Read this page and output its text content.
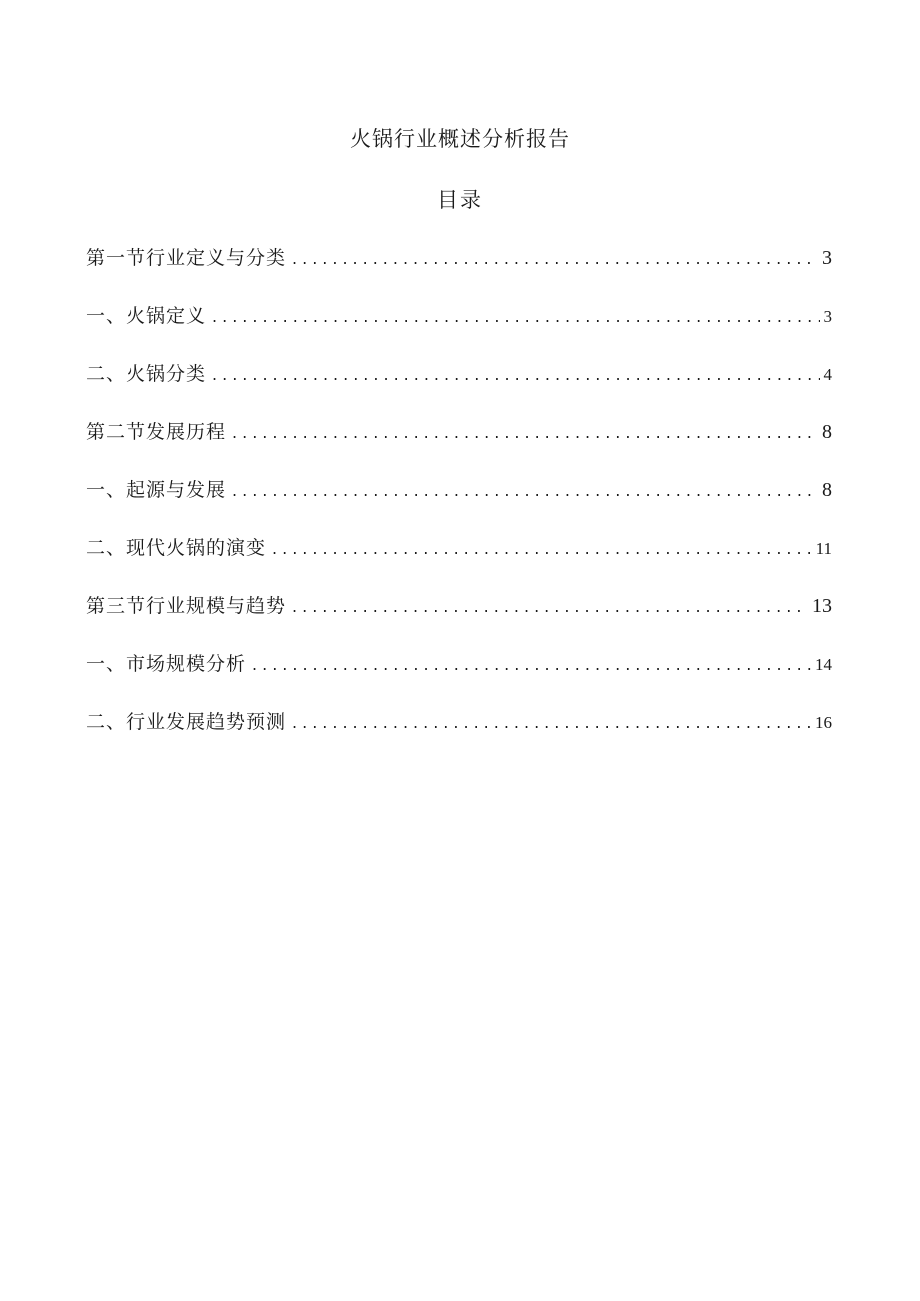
火锅行业概述分析报告
目录
第一节行业定义与分类 .....	3
一、火锅定义 .....	3
二、火锅分类 .....	4
第二节发展历程 .....	8
一、起源与发展 .....	8
二、现代火锅的演变 .....	11
第三节行业规模与趋势 .....	13
一、市场规模分析 .....	14
二、行业发展趋势预测 .....	16
